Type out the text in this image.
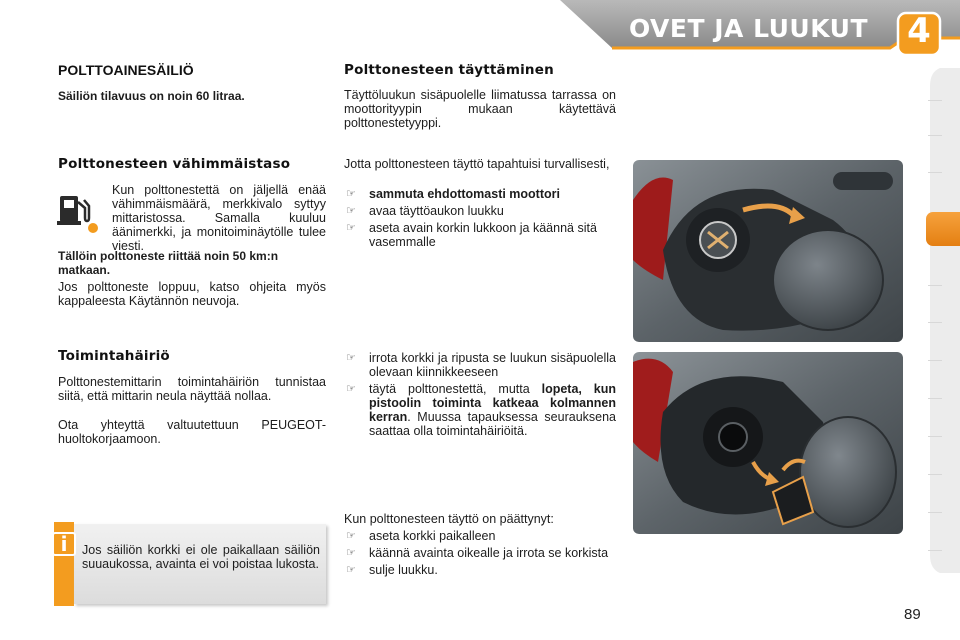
OVET JA LUUKUT	4
POLTTOAINESÄILIÖ
Säiliön tilavuus on noin 60 litraa.
Polttonesteen vähimmäistaso
Kun polttonestettä on jäljellä enää vähimmäismäärä, merkkivalo syttyy mittaristossa. Samalla kuuluu äänimerkki, ja monitoiminäytölle tulee viesti.
Tällöin polttoneste riittää noin 50 km:n matkaan.
Jos polttoneste loppuu, katso ohjeita myös kappaleesta Käytännön neuvoja.
Toimintahäiriö
Polttonestemittarin toimintahäiriön tunnistaa siitä, että mittarin neula näyttää nollaa.
Ota yhteyttä valtuutettuun PEUGEOT-huoltokorjaamoon.
i	Jos säiliön korkki ei ole paikallaan säiliön suuaukossa, avainta ei voi poistaa lukosta.
Polttonesteen täyttäminen
Täyttöluukun sisäpuolelle liimatussa tarrassa on moottorityypin mukaan käytettävä polttonestetyyppi.
Jotta polttonesteen täyttö tapahtuisi turvallisesti,
☞ sammuta ehdottomasti moottori
☞ avaa täyttöaukon luukku
☞ aseta avain korkin lukkoon ja käännä sitä vasemmalle
☞ irrota korkki ja ripusta se luukun sisäpuolella olevaan kiinnikkeeseen
☞ täytä polttonestettä, mutta lopeta, kun pistoolin toiminta katkeaa kolmannen kerran. Muussa tapauksessa seurauksena saattaa olla toimintahäiriöitä.
Kun polttonesteen täyttö on päättynyt:
☞ aseta korkki paikalleen
☞ käännä avainta oikealle ja irrota se korkista
☞ sulje luukku.
89
